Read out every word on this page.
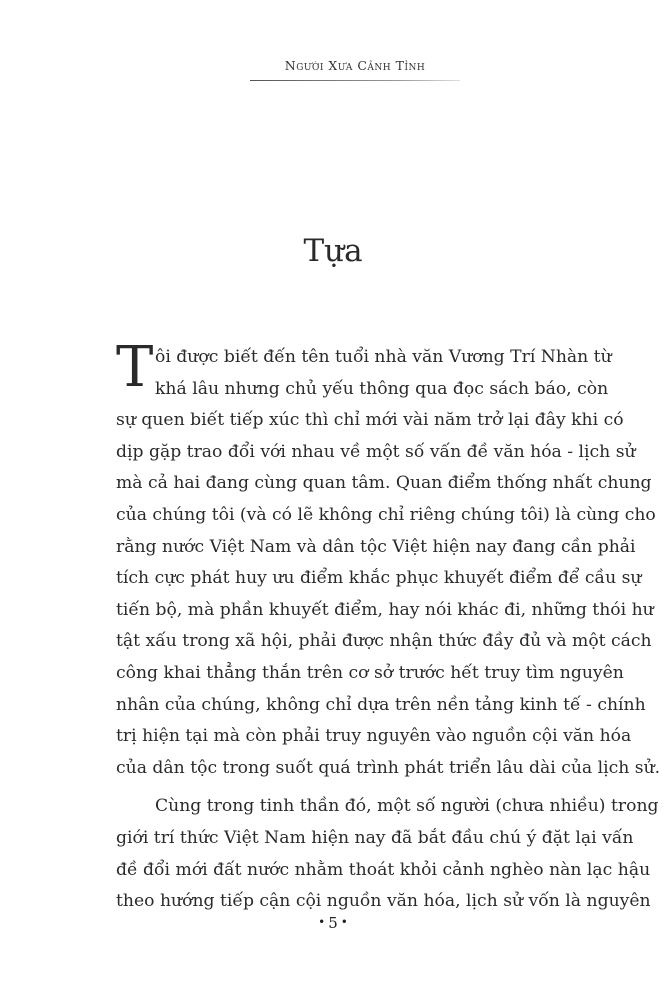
Người Xưa Cảnh Tỉnh
Tựa
T ôi được biết đến tên tuổi nhà văn Vương Trí Nhàn từ
khá lâu nhưng chủ yếu thông qua đọc sách báo, còn
sự quen biết tiếp xúc thì chỉ mới vài năm trở lại đây khi có
dịp gặp trao đổi với nhau về một số vấn đề văn hóa - lịch sử
mà cả hai đang cùng quan tâm. Quan điểm thống nhất chung
của chúng tôi (và có lẽ không chỉ riêng chúng tôi) là cùng cho
rằng nước Việt Nam và dân tộc Việt hiện nay đang cần phải
tích cực phát huy ưu điểm khắc phục khuyết điểm để cầu sự
tiến bộ, mà phần khuyết điểm, hay nói khác đi, những thói hư
tật xấu trong xã hội, phải được nhận thức đầy đủ và một cách
công khai thẳng thắn trên cơ sở trước hết truy tìm nguyên
nhân của chúng, không chỉ dựa trên nền tảng kinh tế - chính
trị hiện tại mà còn phải truy nguyên vào nguồn cội văn hóa
của dân tộc trong suốt quá trình phát triển lâu dài của lịch sử.
Cùng trong tinh thần đó, một số người (chưa nhiều) trong
giới trí thức Việt Nam hiện nay đã bắt đầu chú ý đặt lại vấn
đề đổi mới đất nước nhằm thoát khỏi cảnh nghèo nàn lạc hậu
theo hướng tiếp cận cội nguồn văn hóa, lịch sử vốn là nguyên
• 5 •
